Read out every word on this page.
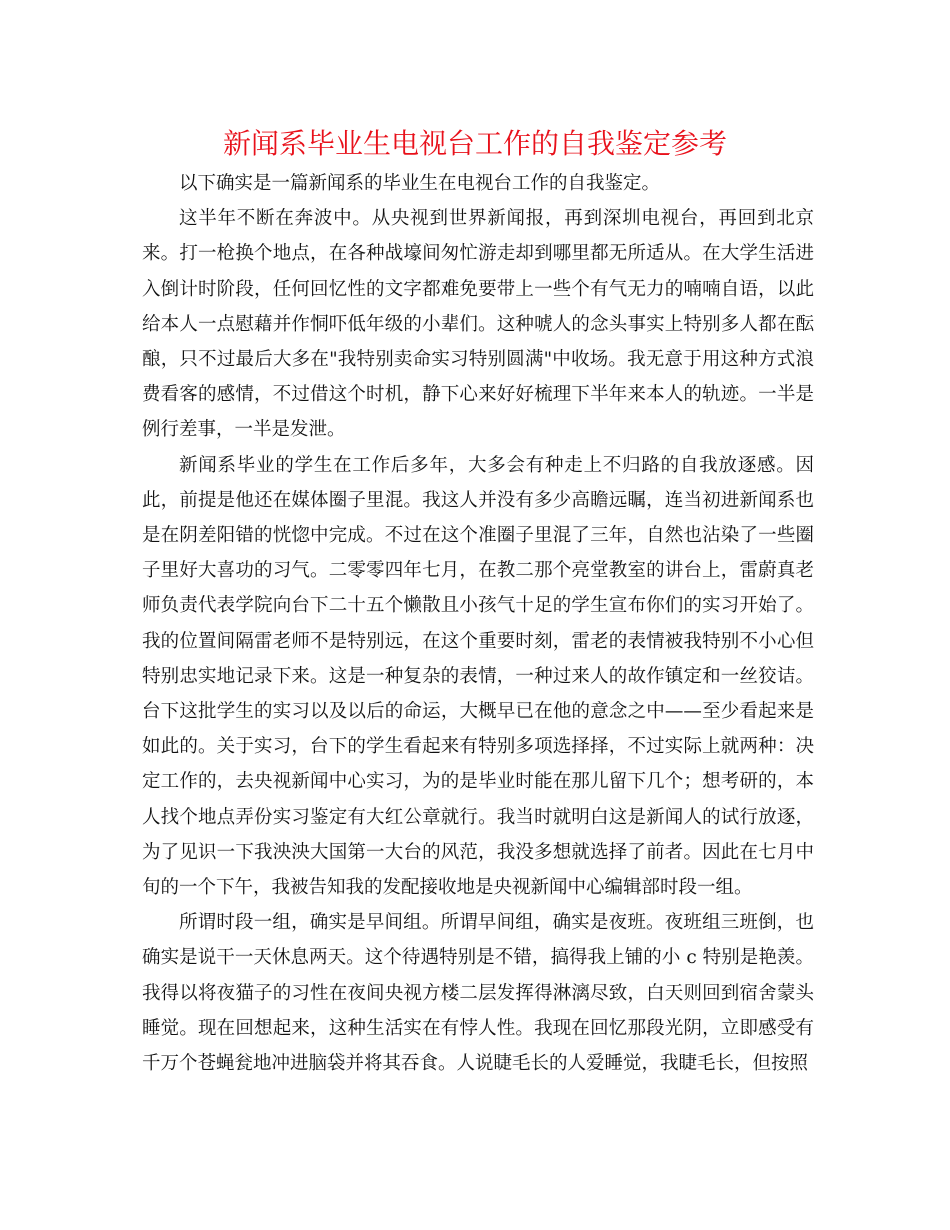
新闻系毕业生电视台工作的自我鉴定参考

以下确实是一篇新闻系的毕业生在电视台工作的自我鉴定。

这半年不断在奔波中。从央视到世界新闻报，再到深圳电视台，再回到北京来。打一枪换个地点，在各种战壕间匆忙游走却到哪里都无所适从。在大学生活进入倒计时阶段，任何回忆性的文字都难免要带上一些个有气无力的喃喃自语，以此给本人一点慰藉并作恫吓低年级的小辈们。这种唬人的念头事实上特别多人都在酝酿，只不过最后大多在"我特别卖命实习特别圆满"中收场。我无意于用这种方式浪费看客的感情，不过借这个时机，静下心来好好梳理下半年来本人的轨迹。一半是例行差事，一半是发泄。

新闻系毕业的学生在工作后多年，大多会有种走上不归路的自我放逐感。因此，前提是他还在媒体圈子里混。我这人并没有多少高瞻远瞩，连当初进新闻系也是在阴差阳错的恍惚中完成。不过在这个准圈子里混了三年，自然也沾染了一些圈子里好大喜功的习气。二零零四年七月，在教二那个亮堂教室的讲台上，雷蔚真老师负责代表学院向台下二十五个懒散且小孩气十足的学生宣布你们的实习开始了。我的位置间隔雷老师不是特别远，在这个重要时刻，雷老的表情被我特别不小心但特别忠实地记录下来。这是一种复杂的表情，一种过来人的故作镇定和一丝狡诘。台下这批学生的实习以及以后的命运，大概早已在他的意念之中——至少看起来是如此的。关于实习，台下的学生看起来有特别多项选择择，不过实际上就两种：决定工作的，去央视新闻中心实习，为的是毕业时能在那儿留下几个；想考研的，本人找个地点弄份实习鉴定有大红公章就行。我当时就明白这是新闻人的试行放逐，为了见识一下我泱泱大国第一大台的风范，我没多想就选择了前者。因此在七月中旬的一个下午，我被告知我的发配接收地是央视新闻中心编辑部时段一组。

所谓时段一组，确实是早间组。所谓早间组，确实是夜班。夜班组三班倒，也确实是说干一天休息两天。这个待遇特别是不错，搞得我上铺的小 c 特别是艳羡。我得以将夜猫子的习性在夜间央视方楼二层发挥得淋漓尽致，白天则回到宿舍蒙头睡觉。现在回想起来，这种生活实在有悖人性。我现在回忆那段光阴，立即感受有千万个苍蝇瓮地冲进脑袋并将其吞食。人说睫毛长的人爱睡觉，我睫毛长，但按照
